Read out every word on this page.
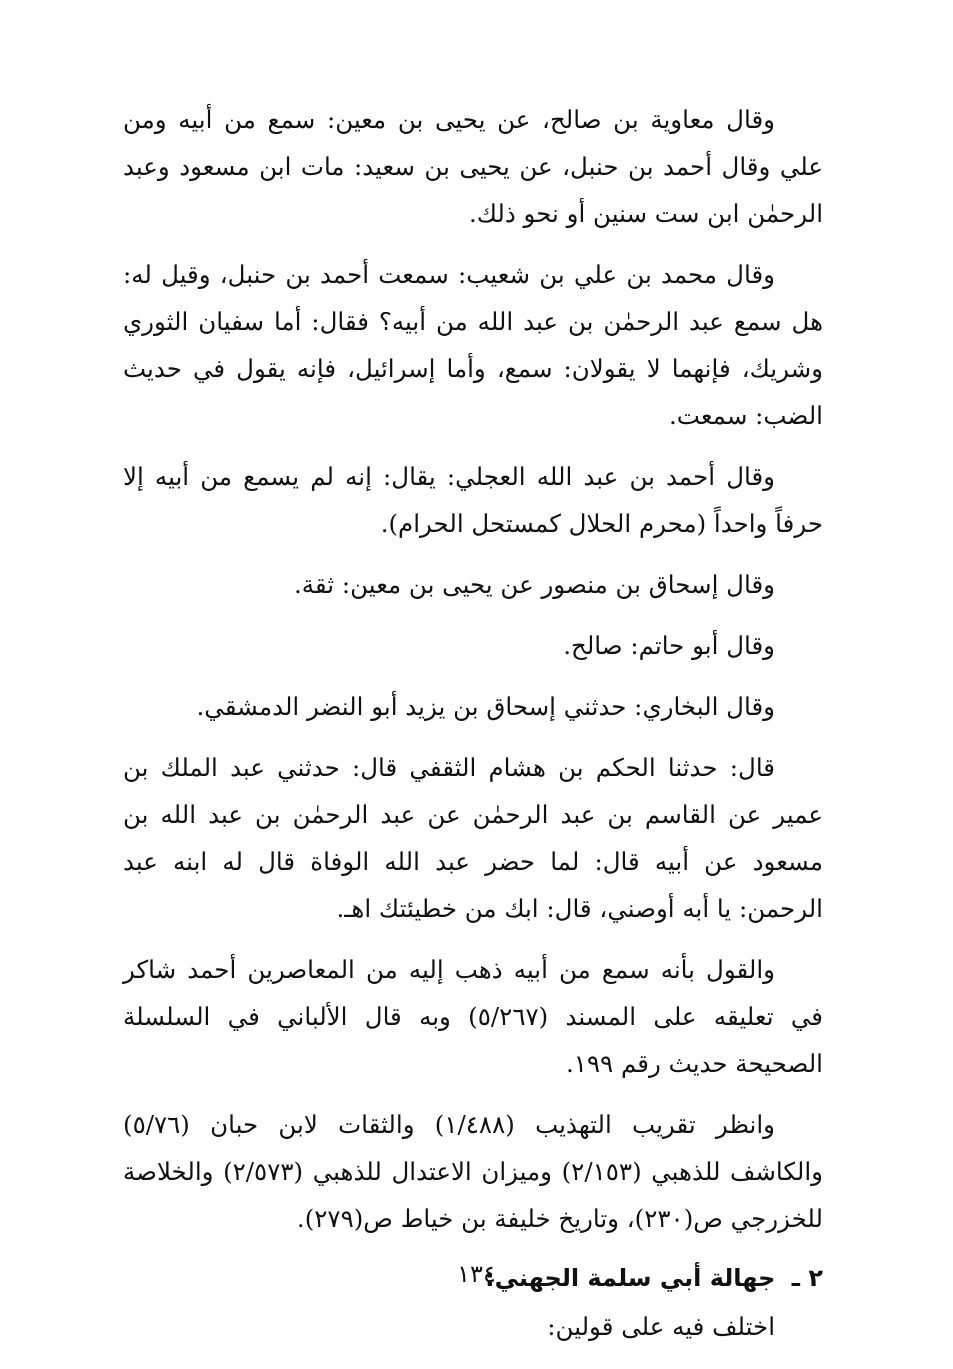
وقال معاوية بن صالح، عن يحيى بن معين: سمع من أبيه ومن علي وقال أحمد بن حنبل، عن يحيى بن سعيد: مات ابن مسعود وعبد الرحمٰن ابن ست سنين أو نحو ذلك.

وقال محمد بن علي بن شعيب: سمعت أحمد بن حنبل، وقيل له: هل سمع عبد الرحمٰن بن عبد الله من أبيه؟ فقال: أما سفيان الثوري وشريك، فإنهما لا يقولان: سمع، وأما إسرائيل، فإنه يقول في حديث الضب: سمعت.

وقال أحمد بن عبد الله العجلي: يقال: إنه لم يسمع من أبيه إلا حرفاً واحداً (محرم الحلال كمستحل الحرام).

وقال إسحاق بن منصور عن يحيى بن معين: ثقة.

وقال أبو حاتم: صالح.

وقال البخاري: حدثني إسحاق بن يزيد أبو النضر الدمشقي.

قال: حدثنا الحكم بن هشام الثقفي قال: حدثني عبد الملك بن عمير عن القاسم بن عبد الرحمٰن عن عبد الرحمٰن بن عبد الله بن مسعود عن أبيه قال: لما حضر عبد الله الوفاة قال له ابنه عبد الرحمن: يا أبه أوصني، قال: ابك من خطيئتك اهـ.

والقول بأنه سمع من أبيه ذهب إليه من المعاصرين أحمد شاكر في تعليقه على المسند (٥/٢٦٧) وبه قال الألباني في السلسلة الصحيحة حديث رقم ١٩٩.

وانظر تقريب التهذيب (١/٤٨٨) والثقات لابن حبان (٥/٧٦) والكاشف للذهبي (٢/١٥٣) وميزان الاعتدال للذهبي (٢/٥٧٣) والخلاصة للخزرجي ص(٢٣٠)، وتاريخ خليفة بن خياط ص(٢٧٩).

٢ ـ جهالة أبي سلمة الجهني:

اختلف فيه على قولين:

١٣٤
